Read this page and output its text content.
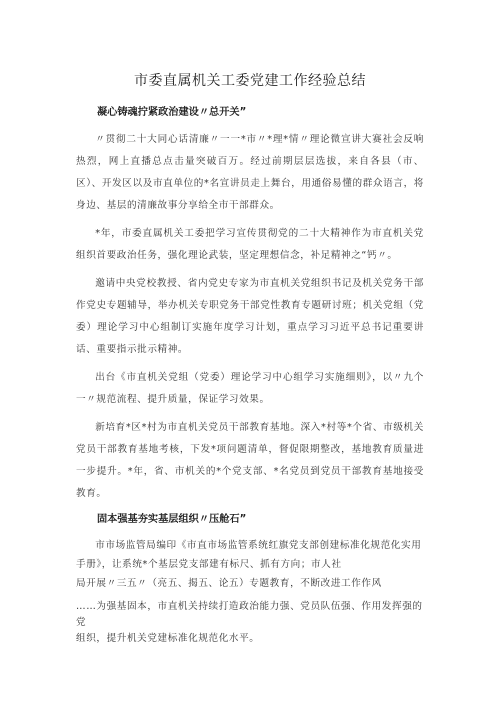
市委直属机关工委党建工作经验总结
凝心铸魂拧紧政治建设〃总开关”

〃贯彻二十大同心话清廉〃一一*市〃*理*情〃理论微宣讲大赛社会反响热烈，网上直播总点击量突破百万。经过前期层层选拔，来自各县（市、区）、开发区以及市直单位的*名宣讲员走上舞台，用通俗易懂的群众语言，将身边、基层的清廉故事分享给全市干部群众。

*年，市委直属机关工委把学习宣传贯彻党的二十大精神作为市直机关党组织首要政治任务，强化理论武装，坚定理想信念，补足精神之“钙〃。

邀请中央党校教授、省内党史专家为市直机关党组织书记及机关党务干部作党史专题辅导，举办机关专职党务干部党性教育专题研讨班；机关党组（党委）理论学习中心组制订实施年度学习计划，重点学习习近平总书记重要讲话、重要指示批示精神。

出台《市直机关党组（党委）理论学习中心组学习实施细则》，以〃九个一〃规范流程、提升质量，保证学习效果。

新培育*区*村为市直机关党员干部教育基地。深入*村等*个省、市级机关党员干部教育基地考核，下发*项问题清单，督促限期整改，基地教育质量进一步提升。*年，省、市机关的*个党支部、*名党员到党员干部教育基地接受教育。

固本强基夯实基层组织〃压舱石”

市市场监管局编印《市直市场监管系统红旗党支部创建标准化规范化实用

手册》，让系统*个基层党支部建有标尺、抓有方向；市人社

局开展〃三五〃（亮五、揭五、论五）专题教育，不断改进工作作风

……为强基固本，市直机关持续打造政治能力强、党员队伍强、作用发挥强的党

组织，提升机关党建标准化规范化水平。
